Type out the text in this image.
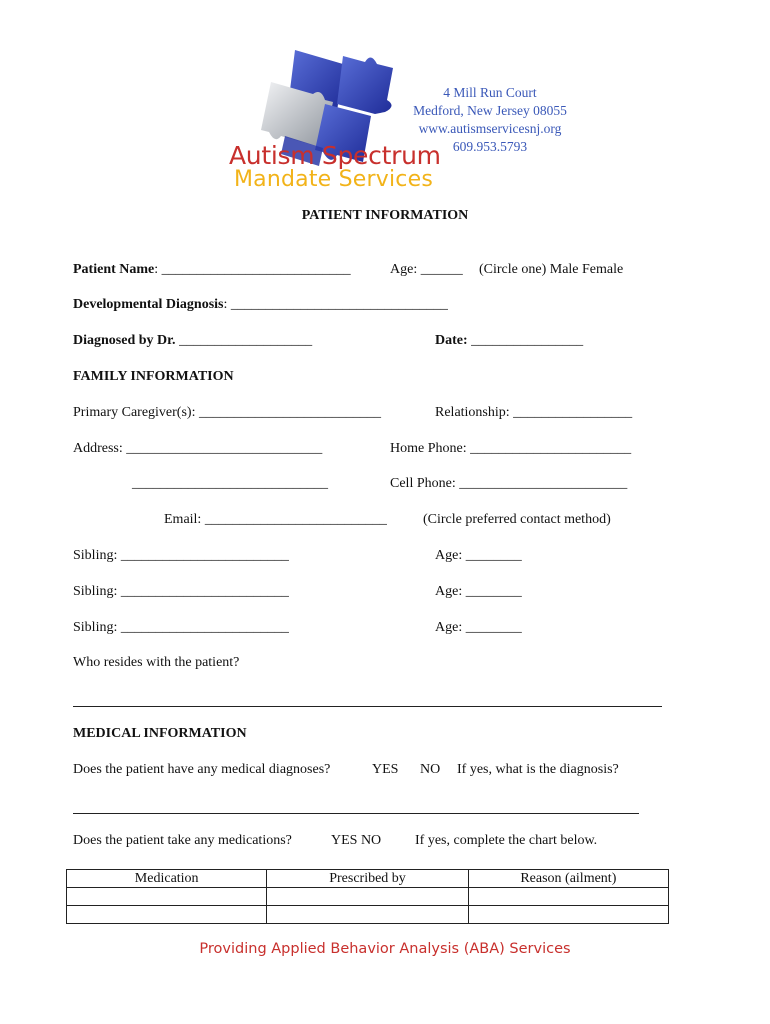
4 Mill Run Court
Medford, New Jersey 08055
www.autismservicesnj.org
609.953.5793
Autism Spectrum
Mandate Services
PATIENT INFORMATION
Patient Name: ___________________________	Age: ______ (Circle one) Male Female
Developmental Diagnosis: _______________________________
Diagnosed by Dr. ___________________	Date: ________________
FAMILY INFORMATION
Primary Caregiver(s): __________________________	Relationship: _________________
Address: ____________________________	Home Phone: _______________________
____________________________	Cell Phone: ________________________
Email: __________________________	(Circle preferred contact method)
Sibling: ________________________	Age: ________
Sibling: ________________________	Age: ________
Sibling: ________________________	Age: ________
Who resides with the patient?
MEDICAL INFORMATION
Does the patient have any medical diagnoses?	YES NO If yes, what is the diagnosis?
Does the patient take any medications?	YES NO If yes, complete the chart below.
Medication	Prescribed by	Reason (ailment)

Providing Applied Behavior Analysis (ABA) Services
